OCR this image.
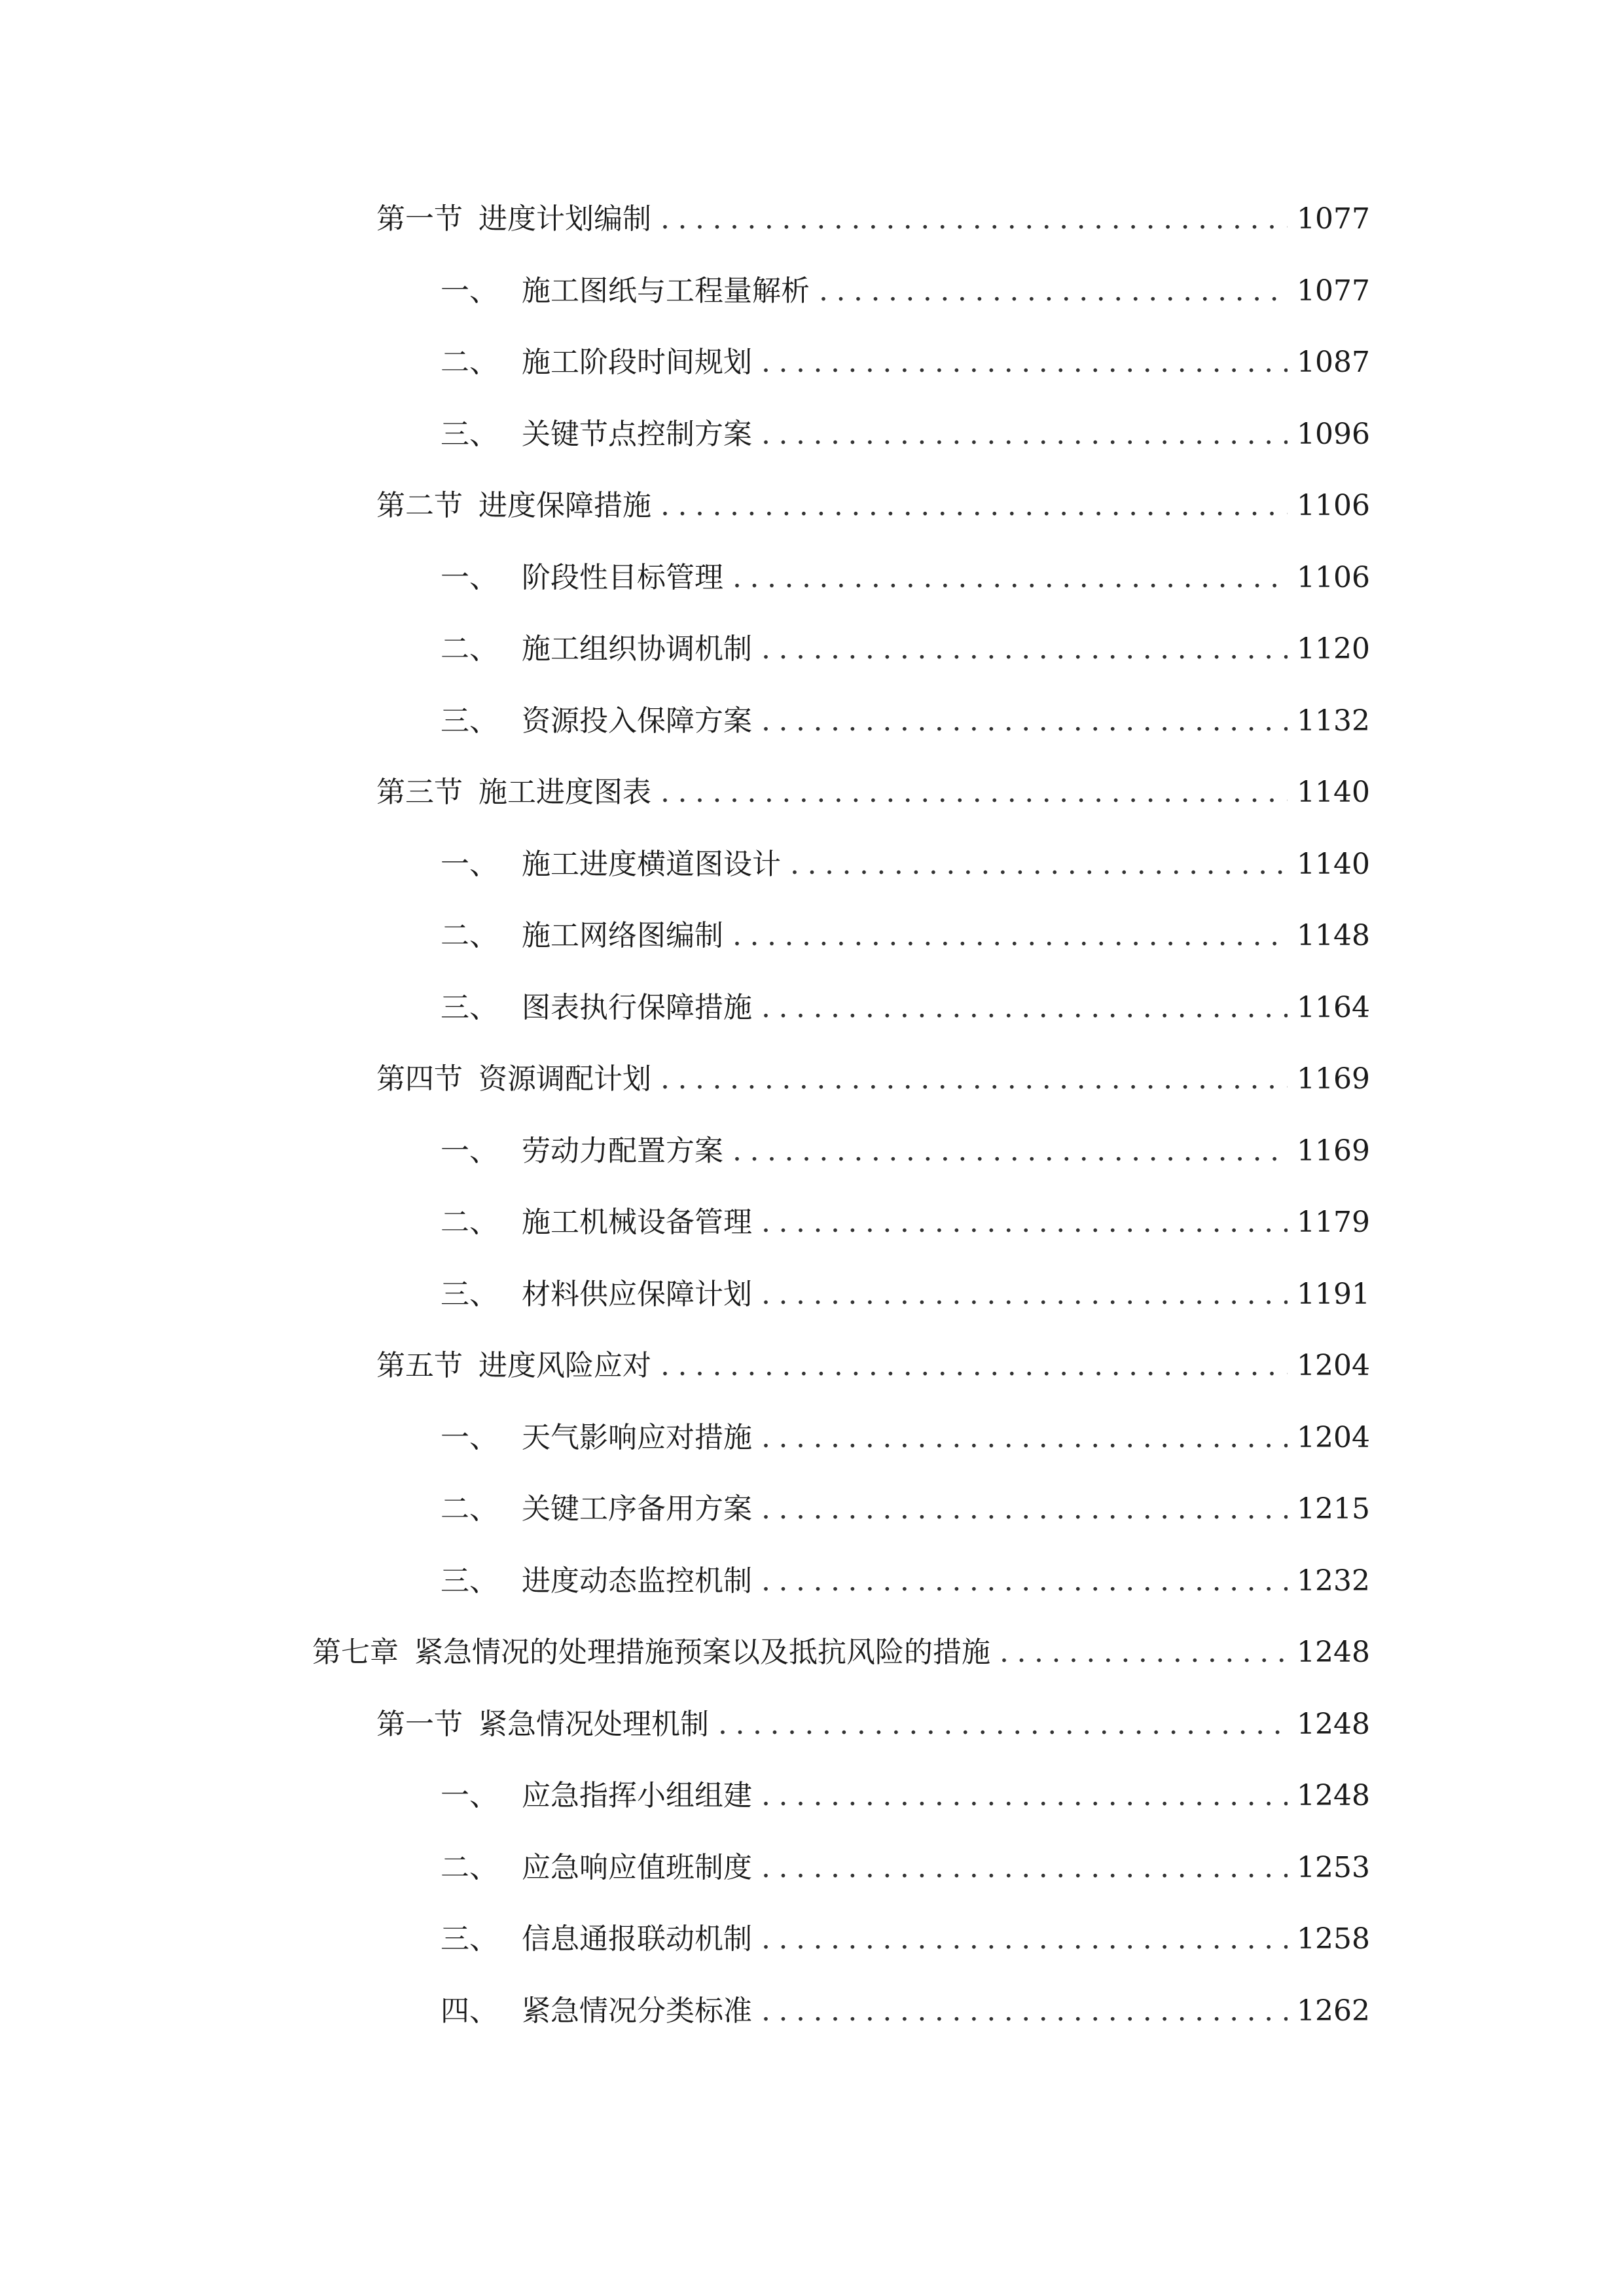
第一节 进度计划编制 .....	1077
一、 施工图纸与工程量解析 .....	1077
二、 施工阶段时间规划 .....	1087
三、 关键节点控制方案 .....	1096
第二节 进度保障措施 .....	1106
一、 阶段性目标管理 .....	1106
二、 施工组织协调机制 .....	1120
三、 资源投入保障方案 .....	1132
第三节 施工进度图表 .....	1140
一、 施工进度横道图设计 .....	1140
二、 施工网络图编制 .....	1148
三、 图表执行保障措施 .....	1164
第四节 资源调配计划 .....	1169
一、 劳动力配置方案 .....	1169
二、 施工机械设备管理 .....	1179
三、 材料供应保障计划 .....	1191
第五节 进度风险应对 .....	1204
一、 天气影响应对措施 .....	1204
二、 关键工序备用方案 .....	1215
三、 进度动态监控机制 .....	1232
第七章 紧急情况的处理措施预案以及抵抗风险的措施 .....	1248
第一节 紧急情况处理机制 .....	1248
一、 应急指挥小组组建 .....	1248
二、 应急响应值班制度 .....	1253
三、 信息通报联动机制 .....	1258
四、 紧急情况分类标准 .....	1262
